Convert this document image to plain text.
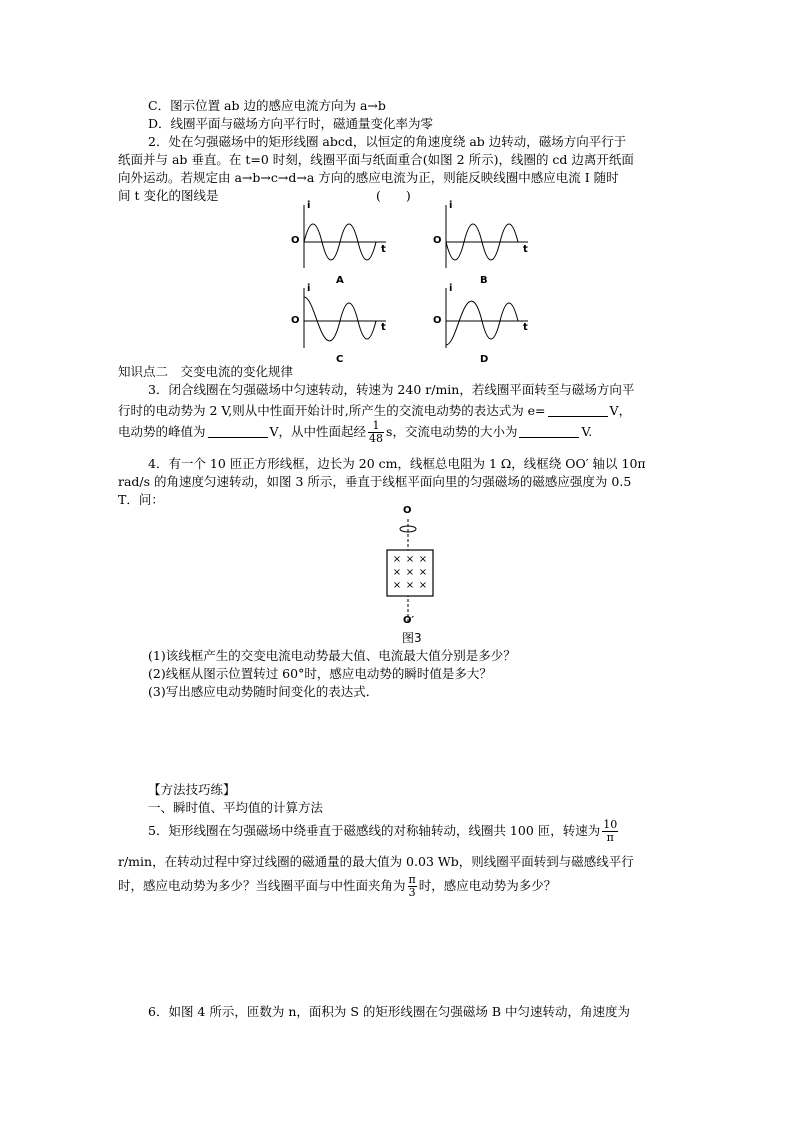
C．图示位置 ab 边的感应电流方向为 a→b
D．线圈平面与磁场方向平行时，磁通量变化率为零
2．处在匀强磁场中的矩形线圈 abcd，以恒定的角速度绕 ab 边转动，磁场方向平行于
纸面并与 ab 垂直。在 t=0 时刻，线圈平面与纸面重合(如图 2 所示)，线圈的 cd 边离开纸面
向外运动。若规定由 a→b→c→d→a 方向的感应电流为正，则能反映线圈中感应电流 I 随时
间 t 变化的图线是	(　　)
i
O
t
A
i
O
t
B
i
O
t
C
i
O
t
D
知识点二　交变电流的变化规律
3．闭合线圈在匀强磁场中匀速转动，转速为 240 r/min，若线圈平面转至与磁场方向平
行时的电动势为 2 V,则从中性面开始计时,所产生的交流电动势的表达式为 e=	V，
电动势的峰值为	V，从中性面起经 $\frac{1}{48}$ s，交流电动势的大小为	V.
4．有一个 10 匝正方形线框，边长为 20 cm，线框总电阻为 1 Ω，线框绕 OO′ 轴以 10π
rad/s 的角速度匀速转动，如图 3 所示，垂直于线框平面向里的匀强磁场的磁感应强度为 0.5
T．问：
× × ×
× × ×
× × ×
O
O′
图3
(1)该线框产生的交变电流电动势最大值、电流最大值分别是多少？
(2)线框从图示位置转过 60°时，感应电动势的瞬时值是多大？
(3)写出感应电动势随时间变化的表达式．
【方法技巧练】
一、瞬时值、平均值的计算方法
5．矩形线圈在匀强磁场中绕垂直于磁感线的对称轴转动，线圈共 100 匝，转速为 $\frac{10}{\pi}$
r/min，在转动过程中穿过线圈的磁通量的最大值为 0.03 Wb，则线圈平面转到与磁感线平行
时，感应电动势为多少？当线圈平面与中性面夹角为 $\frac{\pi}{3}$ 时，感应电动势为多少？
6．如图 4 所示，匝数为 n，面积为 S 的矩形线圈在匀强磁场 B 中匀速转动，角速度为
